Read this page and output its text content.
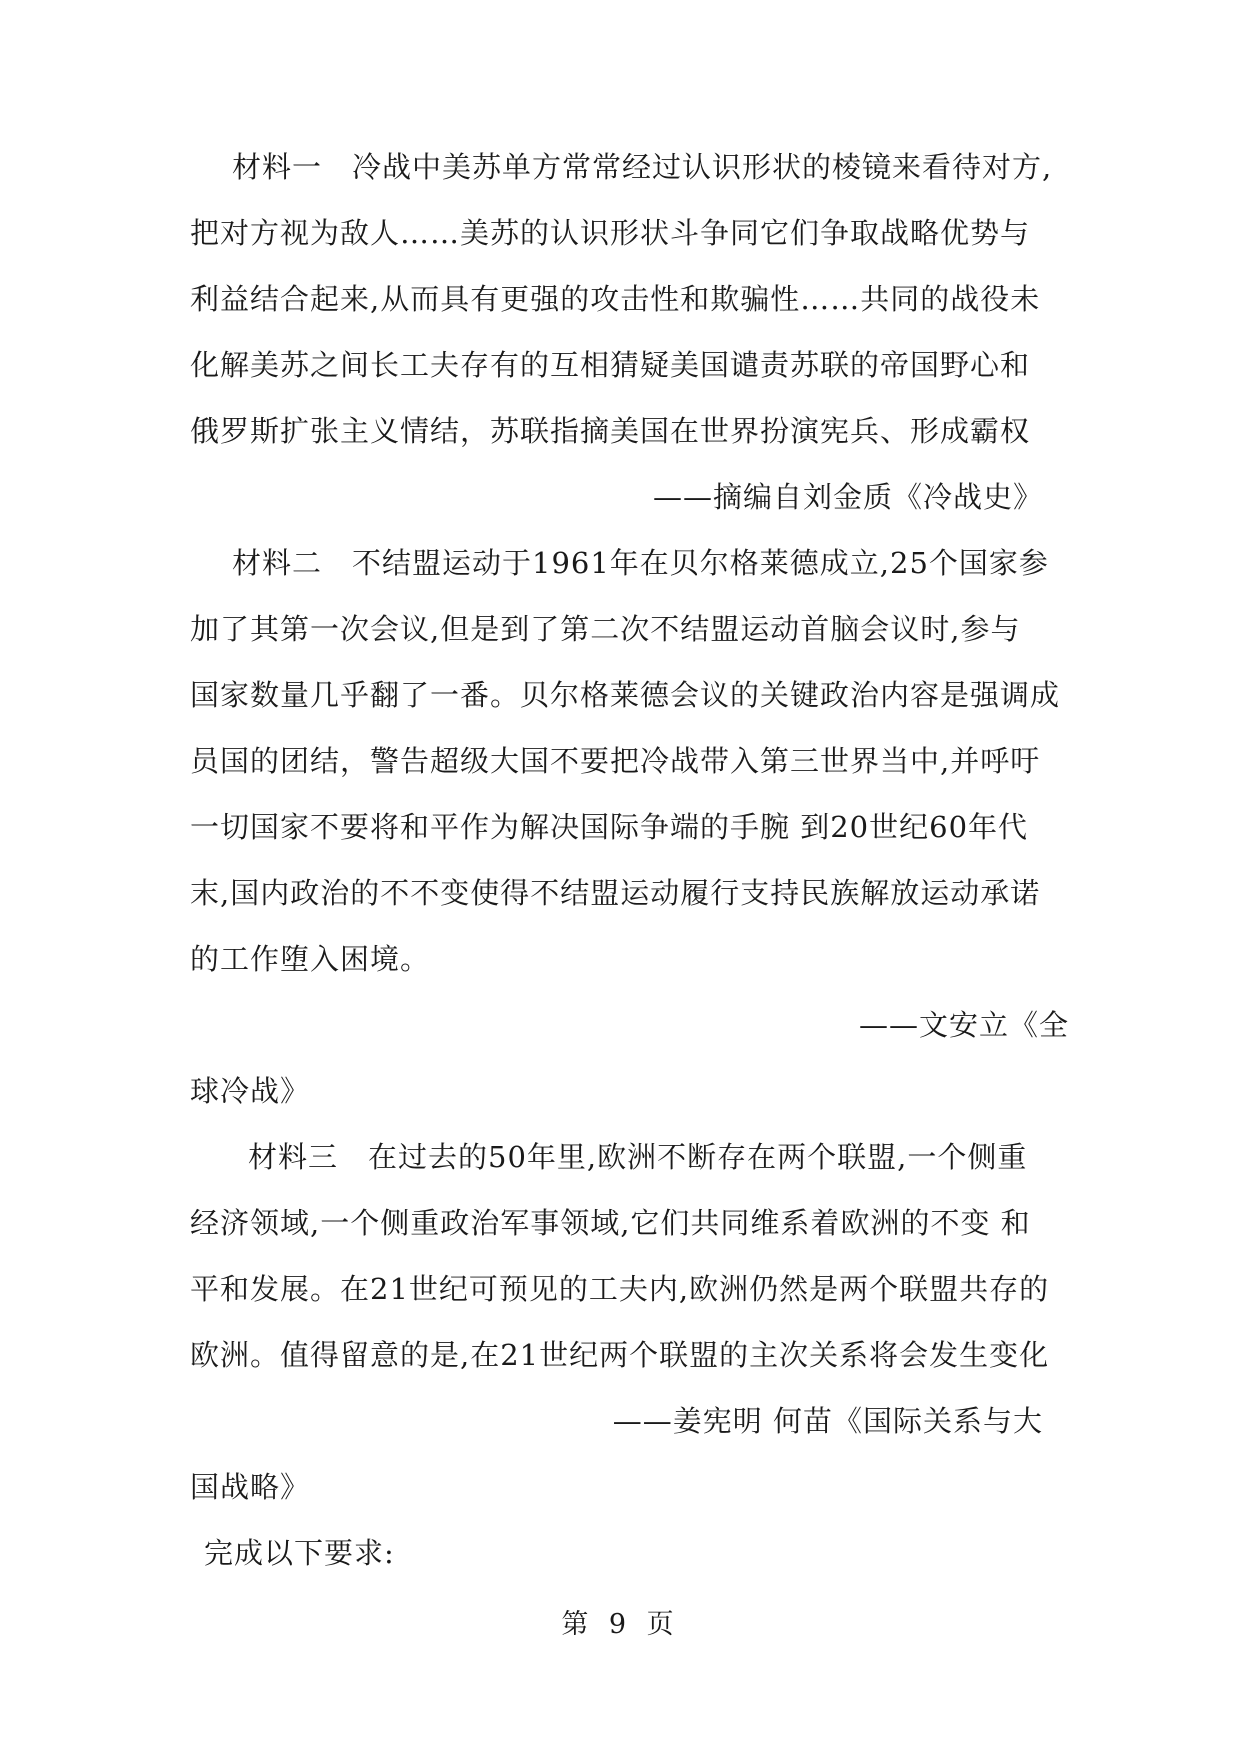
材料一　冷战中美苏单方常常经过认识形状的棱镜来看待对方,
把对方视为敌人……美苏的认识形状斗争同它们争取战略优势与
利益结合起来,从而具有更强的攻击性和欺骗性……共同的战役未
化解美苏之间长工夫存有的互相猜疑美国谴责苏联的帝国野心和
俄罗斯扩张主义情结，苏联指摘美国在世界扮演宪兵、形成霸权
——摘编自刘金质《冷战史》
材料二　不结盟运动于1961年在贝尔格莱德成立,25个国家参
加了其第一次会议,但是到了第二次不结盟运动首脑会议时,参与
国家数量几乎翻了一番。贝尔格莱德会议的关键政治内容是强调成
员国的团结，警告超级大国不要把冷战带入第三世界当中,并呼吁
一切国家不要将和平作为解决国际争端的手腕 到20世纪60年代
末,国内政治的不不变使得不结盟运动履行支持民族解放运动承诺
的工作堕入困境。
——文安立《全
球冷战》
材料三　在过去的50年里,欧洲不断存在两个联盟,一个侧重
经济领域,一个侧重政治军事领域,它们共同维系着欧洲的不变 和
平和发展。在21世纪可预见的工夫内,欧洲仍然是两个联盟共存的
欧洲。值得留意的是,在21世纪两个联盟的主次关系将会发生变化
——姜宪明 何苗《国际关系与大
国战略》
完成以下要求:
第 9 页
